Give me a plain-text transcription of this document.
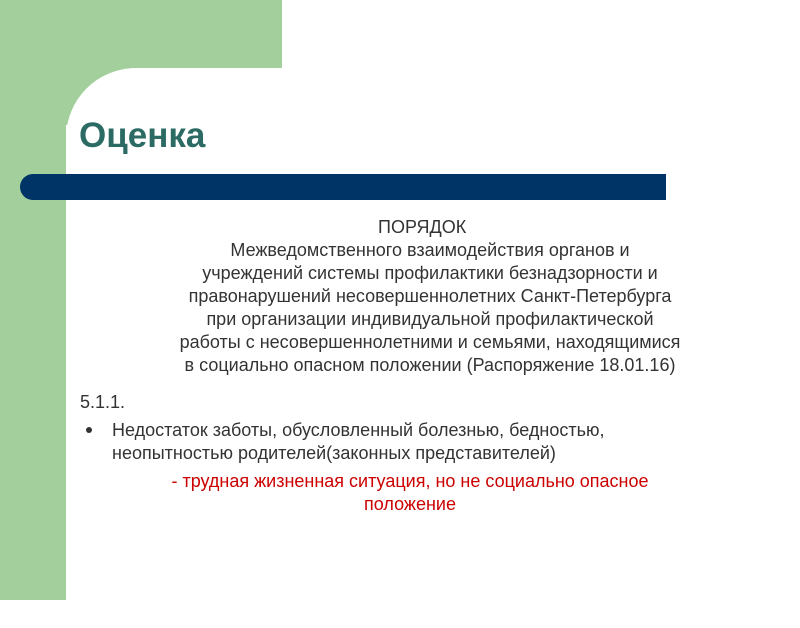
Оценка
ПОРЯДОК

Межведомственного взаимодействия органов и
учреждений системы профилактики безнадзорности и
правонарушений несовершеннолетних Санкт-Петербурга
при организации индивидуальной профилактической
работы с несовершеннолетними и семьями, находящимися
в социально опасном положении (Распоряжение 18.01.16)

5.1.1.

Недостаток заботы, обусловленный болезнью, бедностью,
неопытностью родителей(законных представителей)

- трудная жизненная ситуация, но не социально опасное
положение
